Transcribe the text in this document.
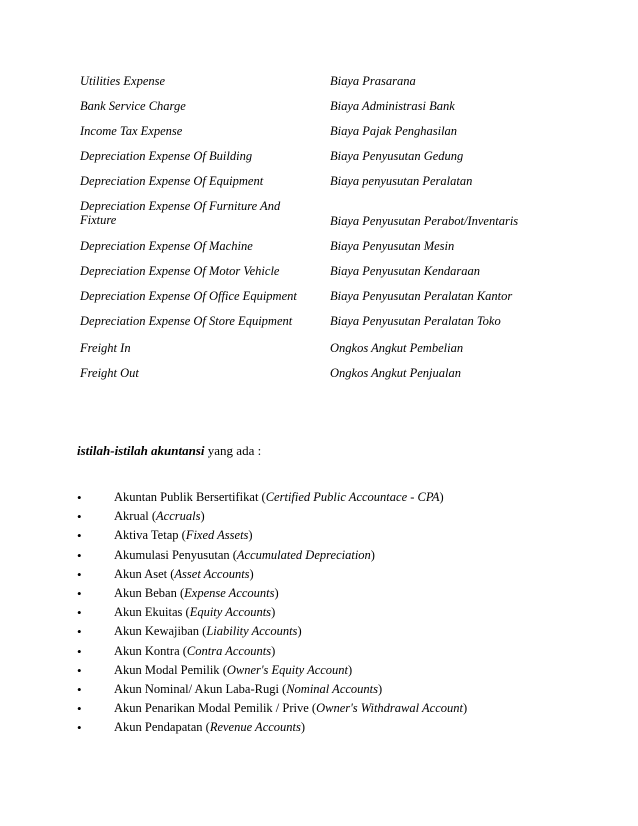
Utilities Expense	Biaya Prasarana
Bank Service Charge	Biaya Administrasi Bank
Income Tax Expense	Biaya Pajak Penghasilan
Depreciation Expense Of Building	Biaya Penyusutan Gedung
Depreciation Expense Of Equipment	Biaya penyusutan Peralatan
Depreciation Expense Of Furniture And Fixture	Biaya Penyusutan Perabot/Inventaris
Depreciation Expense Of Machine	Biaya Penyusutan Mesin
Depreciation Expense Of Motor Vehicle	Biaya Penyusutan Kendaraan
Depreciation Expense Of Office Equipment	Biaya Penyusutan Peralatan Kantor
Depreciation Expense Of Store Equipment	Biaya Penyusutan Peralatan Toko
Freight In	Ongkos Angkut Pembelian
Freight Out	Ongkos Angkut Penjualan
istilah-istilah akuntansi yang ada :
•	Akuntan Publik Bersertifikat (Certified Public Accountace - CPA)
•	Akrual (Accruals)
•	Aktiva Tetap (Fixed Assets)
•	Akumulasi Penyusutan (Accumulated Depreciation)
•	Akun Aset (Asset Accounts)
•	Akun Beban (Expense Accounts)
•	Akun Ekuitas (Equity Accounts)
•	Akun Kewajiban (Liability Accounts)
•	Akun Kontra (Contra Accounts)
•	Akun Modal Pemilik (Owner's Equity Account)
•	Akun Nominal/ Akun Laba-Rugi (Nominal Accounts)
•	Akun Penarikan Modal Pemilik / Prive (Owner's Withdrawal Account)
•	Akun Pendapatan (Revenue Accounts)
